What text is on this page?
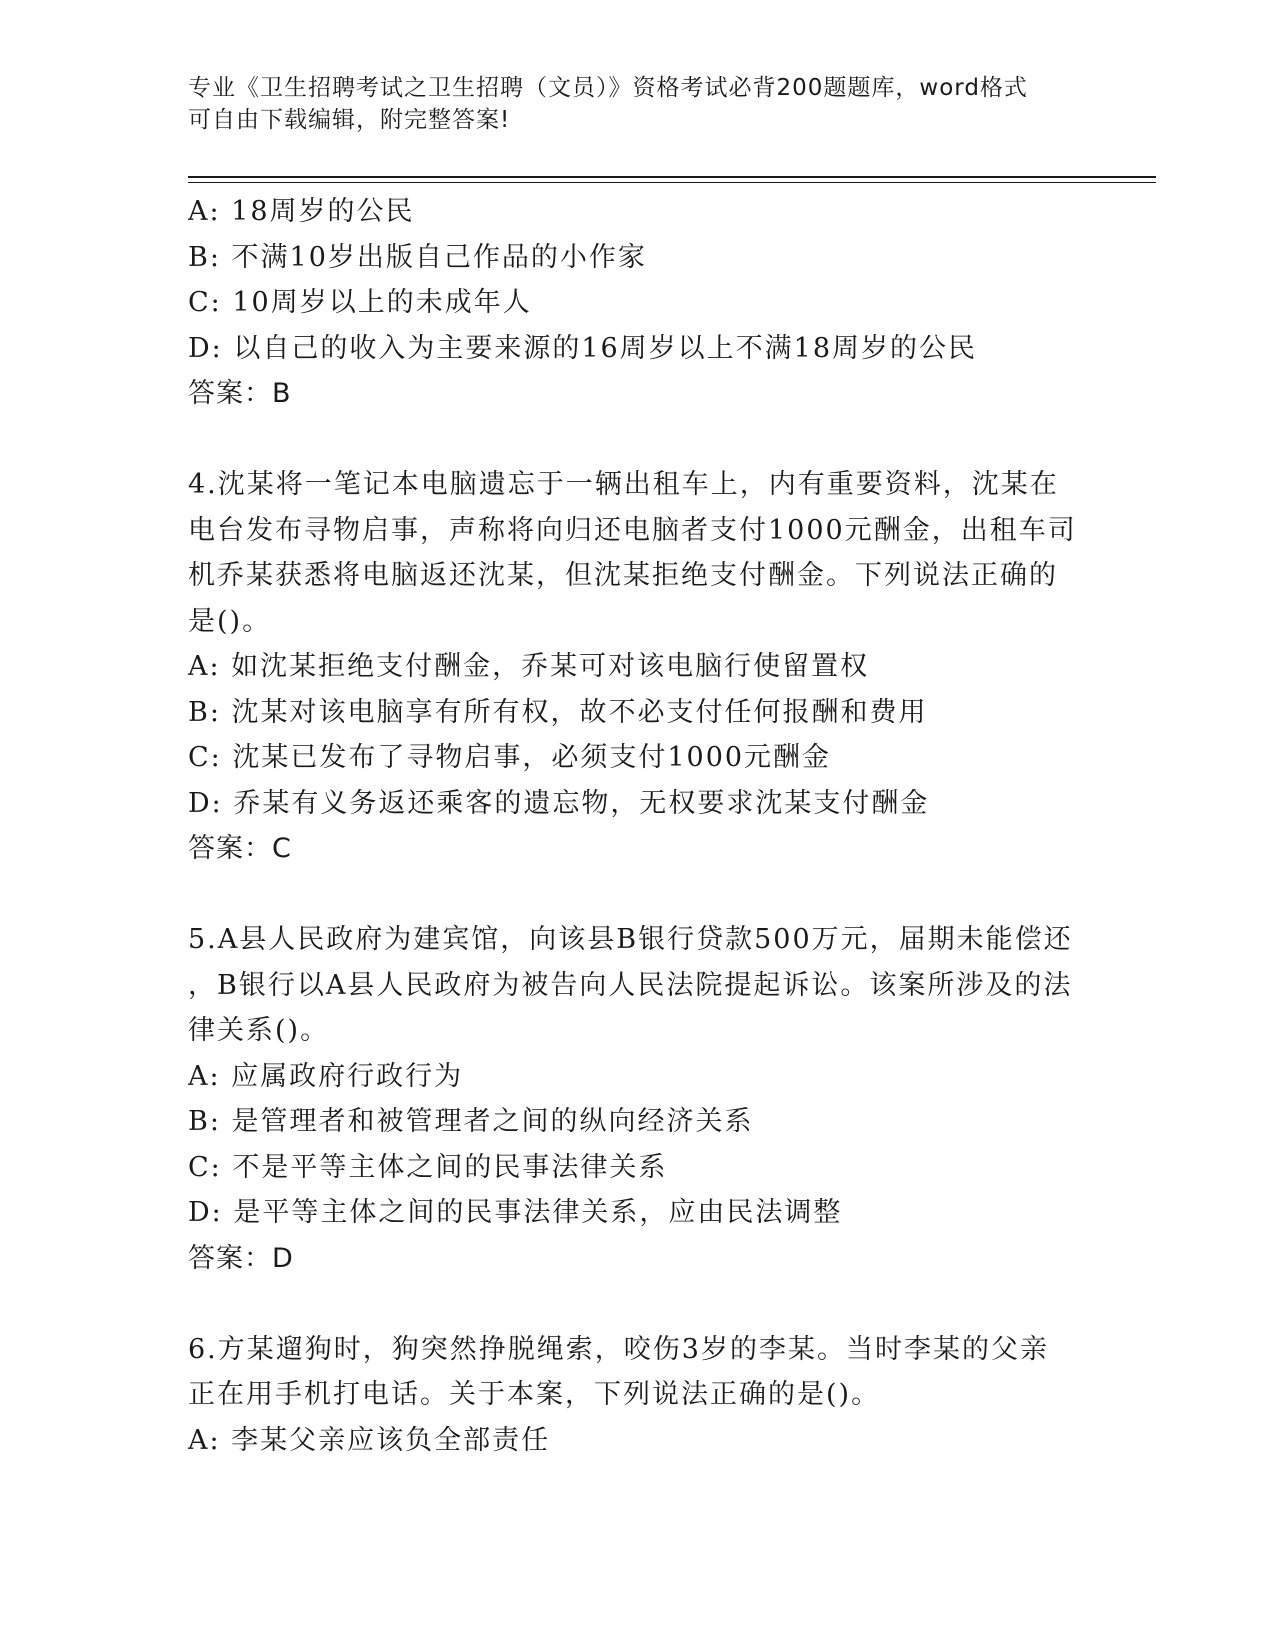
专业《卫生招聘考试之卫生招聘（文员）》资格考试必背200题题库，word格式
可自由下载编辑，附完整答案!
A: 18周岁的公民
B: 不满10岁出版自己作品的小作家
C: 10周岁以上的未成年人
D: 以自己的收入为主要来源的16周岁以上不满18周岁的公民
答案：B
4.沈某将一笔记本电脑遗忘于一辆出租车上，内有重要资料，沈某在
电台发布寻物启事，声称将向归还电脑者支付1000元酬金，出租车司
机乔某获悉将电脑返还沈某，但沈某拒绝支付酬金。下列说法正确的
是()。
A: 如沈某拒绝支付酬金，乔某可对该电脑行使留置权
B: 沈某对该电脑享有所有权，故不必支付任何报酬和费用
C: 沈某已发布了寻物启事，必须支付1000元酬金
D: 乔某有义务返还乘客的遗忘物，无权要求沈某支付酬金
答案：C
5.A县人民政府为建宾馆，向该县B银行贷款500万元，届期未能偿还
，B银行以A县人民政府为被告向人民法院提起诉讼。该案所涉及的法
律关系()。
A: 应属政府行政行为
B: 是管理者和被管理者之间的纵向经济关系
C: 不是平等主体之间的民事法律关系
D: 是平等主体之间的民事法律关系，应由民法调整
答案：D
6.方某遛狗时，狗突然挣脱绳索，咬伤3岁的李某。当时李某的父亲
正在用手机打电话。关于本案，下列说法正确的是()。
A: 李某父亲应该负全部责任
